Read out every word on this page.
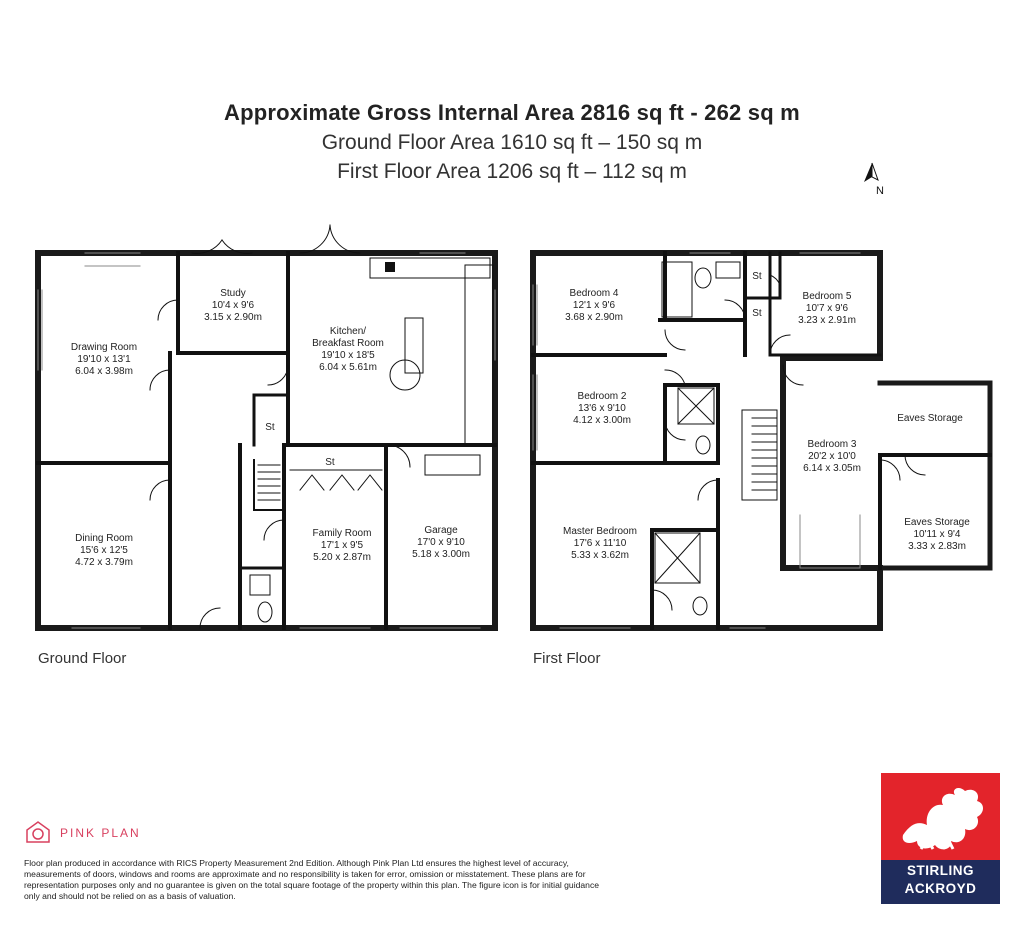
Approximate Gross Internal Area 2816 sq ft - 262 sq m
Ground Floor Area 1610 sq ft – 150 sq m
First Floor Area 1206 sq ft – 112 sq m
N
Drawing Room
19'10 x 13'1
6.04 x 3.98m
Study
10'4 x 9'6
3.15 x 2.90m
Kitchen/
Breakfast Room
19'10 x 18'5
6.04 x 5.61m
Dining Room
15'6 x 12'5
4.72 x 3.79m
Family Room
17'1 x 9'5
5.20 x 2.87m
Garage
17'0 x 9'10
5.18 x 3.00m
St
St
Bedroom 4
12'1 x 9'6
3.68 x 2.90m
Bedroom 5
10'7 x 9'6
3.23 x 2.91m
Bedroom 2
13'6 x 9'10
4.12 x 3.00m
Bedroom 3
20'2 x 10'0
6.14 x 3.05m
Master Bedroom
17'6 x 11'10
5.33 x 3.62m
Eaves Storage
Eaves Storage
10'11 x 9'4
3.33 x 2.83m
St
St
Ground Floor	First Floor
PINK PLAN
Floor plan produced in accordance with RICS Property Measurement 2nd Edition. Although Pink Plan Ltd ensures the highest level of accuracy, measurements of doors, windows and rooms are approximate and no responsibility is taken for error, omission or misstatement. These plans are for representation purposes only and no guarantee is given on the total square footage of the property within this plan. The figure icon is for initial guidance only and should not be relied on as a basis of valuation.
STIRLING
ACKROYD
